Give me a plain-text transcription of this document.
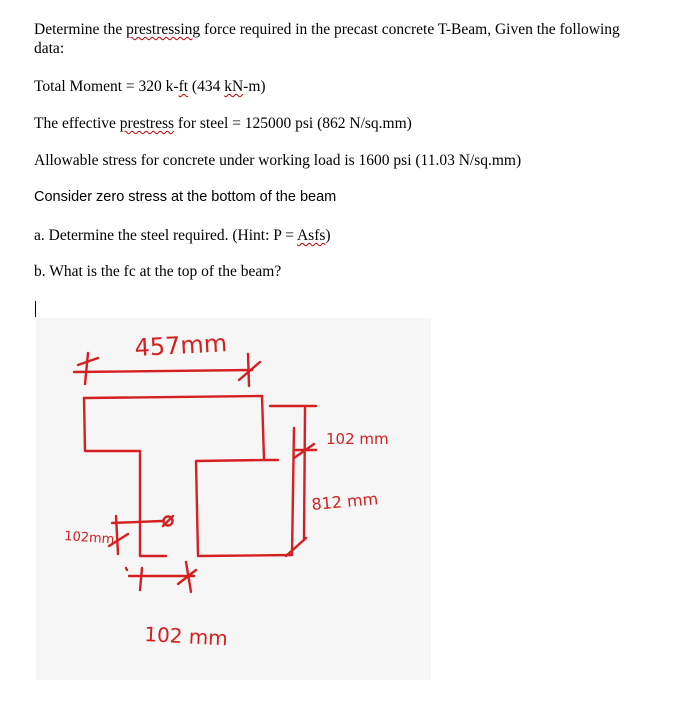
Determine the prestressing force required in the precast concrete T-Beam, Given the following
data:
Total Moment = 320 k-ft (434 kN-m)
The effective prestress for steel = 125000 psi (862 N/sq.mm)
Allowable stress for concrete under working load is 1600 psi (11.03 N/sq.mm)
Consider zero stress at the bottom of the beam
a. Determine the steel required. (Hint: P = Asfs)
b. What is the fc at the top of the beam?
457mm
102 mm
812 mm
102mm
102 mm
